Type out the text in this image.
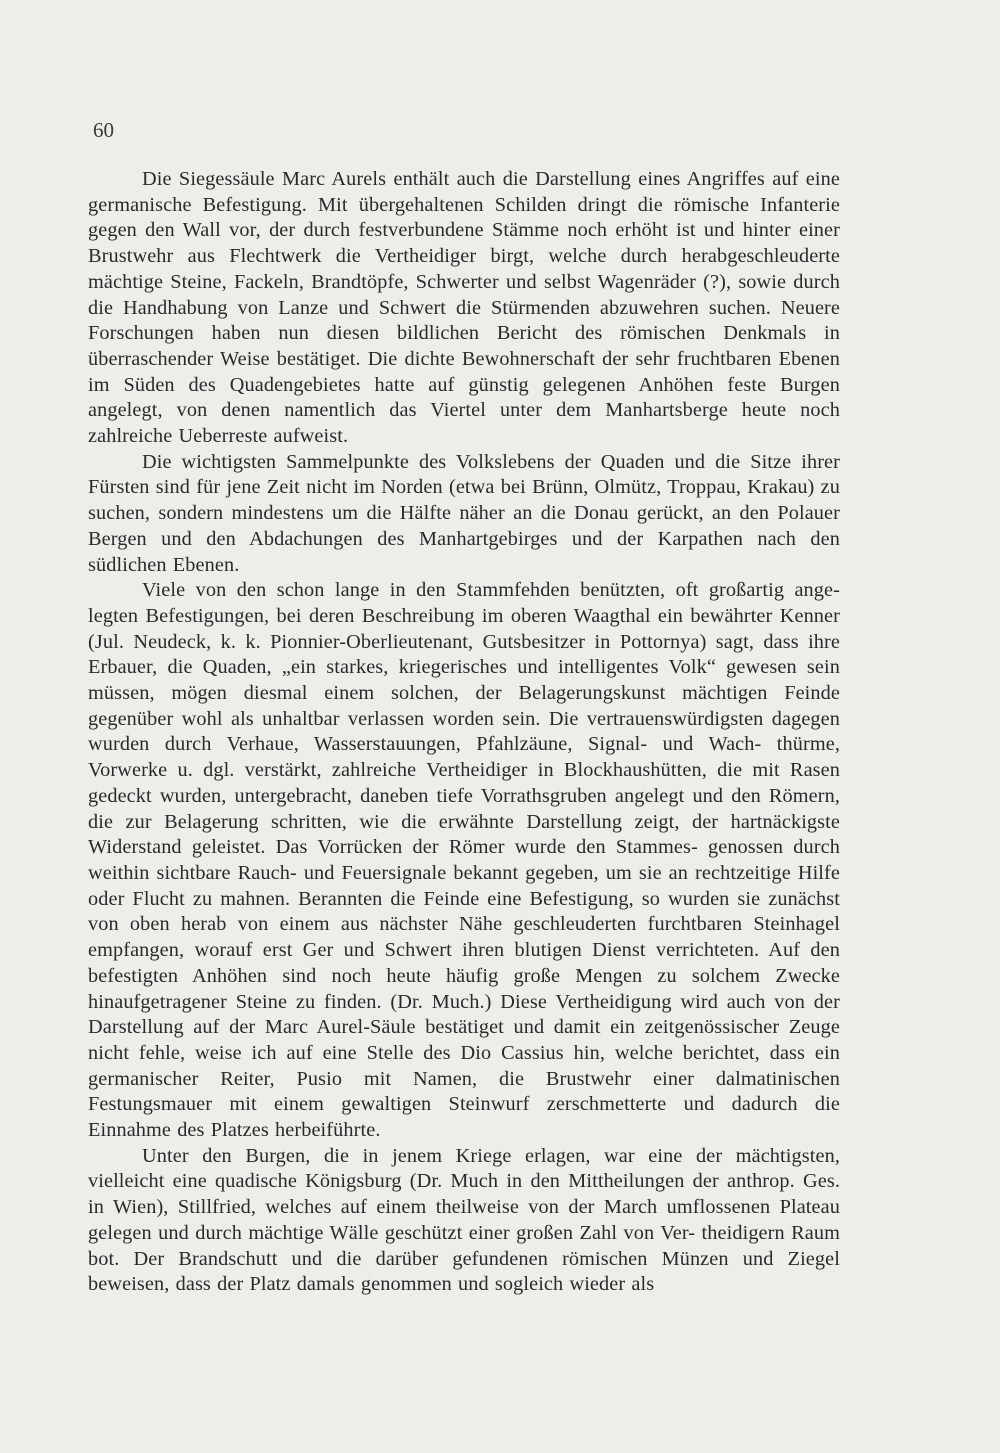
60

Die Siegessäule Marc Aurels enthält auch die Darstellung eines Angriffes auf eine germanische Befestigung. Mit übergehaltenen Schilden dringt die römische Infanterie gegen den Wall vor, der durch festverbundene Stämme noch erhöht ist und hinter einer Brustwehr aus Flechtwerk die Vertheidiger birgt, welche durch herabgeschleuderte mächtige Steine, Fackeln, Brandtöpfe, Schwerter und selbst Wagenräder (?), sowie durch die Handhabung von Lanze und Schwert die Stürmenden abzuwehren suchen. Neuere Forschungen haben nun diesen bildlichen Bericht des römischen Denkmals in überraschender Weise bestätiget. Die dichte Bewohnerschaft der sehr fruchtbaren Ebenen im Süden des Quadengebietes hatte auf günstig gelegenen Anhöhen feste Burgen angelegt, von denen namentlich das Viertel unter dem Manhartsberge heute noch zahlreiche Ueberreste aufweist.

Die wichtigsten Sammelpunkte des Volkslebens der Quaden und die Sitze ihrer Fürsten sind für jene Zeit nicht im Norden (etwa bei Brünn, Olmütz, Troppau, Krakau) zu suchen, sondern mindestens um die Hälfte näher an die Donau gerückt, an den Polauer Bergen und den Abdachungen des Manhartgebirges und der Karpathen nach den südlichen Ebenen.

Viele von den schon lange in den Stammfehden benützten, oft großartig ange- legten Befestigungen, bei deren Beschreibung im oberen Waagthal ein bewährter Kenner (Jul. Neudeck, k. k. Pionnier-Oberlieutenant, Gutsbesitzer in Pottornya) sagt, dass ihre Erbauer, die Quaden, „ein starkes, kriegerisches und intelligentes Volk“ gewesen sein müssen, mögen diesmal einem solchen, der Belagerungskunst mächtigen Feinde gegenüber wohl als unhaltbar verlassen worden sein. Die vertrauenswürdigsten dagegen wurden durch Verhaue, Wasserstauungen, Pfahlzäune, Signal- und Wach- thürme, Vorwerke u. dgl. verstärkt, zahlreiche Vertheidiger in Blockhaushütten, die mit Rasen gedeckt wurden, untergebracht, daneben tiefe Vorrathsgruben angelegt und den Römern, die zur Belagerung schritten, wie die erwähnte Darstellung zeigt, der hartnäckigste Widerstand geleistet. Das Vorrücken der Römer wurde den Stammes- genossen durch weithin sichtbare Rauch- und Feuersignale bekannt gegeben, um sie an rechtzeitige Hilfe oder Flucht zu mahnen. Berannten die Feinde eine Befestigung, so wurden sie zunächst von oben herab von einem aus nächster Nähe geschleuderten furchtbaren Steinhagel empfangen, worauf erst Ger und Schwert ihren blutigen Dienst verrichteten. Auf den befestigten Anhöhen sind noch heute häufig große Mengen zu solchem Zwecke hinaufgetragener Steine zu finden. (Dr. Much.) Diese Vertheidigung wird auch von der Darstellung auf der Marc Aurel-Säule bestätiget und damit ein zeitgenössischer Zeuge nicht fehle, weise ich auf eine Stelle des Dio Cassius hin, welche berichtet, dass ein germanischer Reiter, Pusio mit Namen, die Brustwehr einer dalmatinischen Festungsmauer mit einem gewaltigen Steinwurf zerschmetterte und dadurch die Einnahme des Platzes herbeiführte.

Unter den Burgen, die in jenem Kriege erlagen, war eine der mächtigsten, vielleicht eine quadische Königsburg (Dr. Much in den Mittheilungen der anthrop. Ges. in Wien), Stillfried, welches auf einem theilweise von der March umflossenen Plateau gelegen und durch mächtige Wälle geschützt einer großen Zahl von Ver- theidigern Raum bot. Der Brandschutt und die darüber gefundenen römischen Münzen und Ziegel beweisen, dass der Platz damals genommen und sogleich wieder als
